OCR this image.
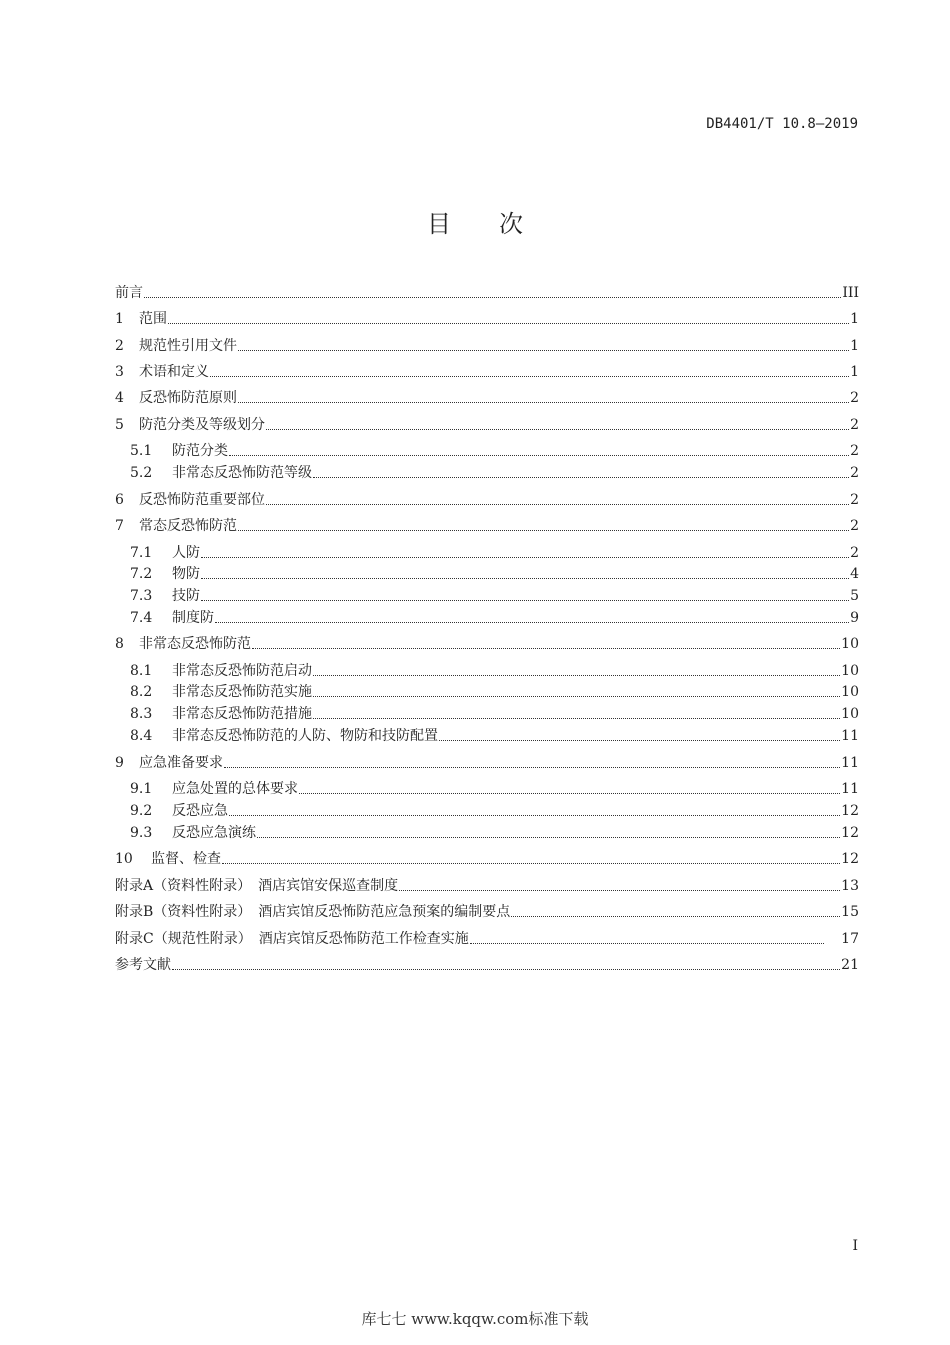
DB4401/T 10.8—2019
目次
前言	III
1	范围	1
2	规范性引用文件	1
3	术语和定义	1
4	反恐怖防范原则	2
5	防范分类及等级划分	2
5.1	防范分类	2
5.2	非常态反恐怖防范等级	2
6	反恐怖防范重要部位	2
7	常态反恐怖防范	2
7.1	人防	2
7.2	物防	4
7.3	技防	5
7.4	制度防	9
8	非常态反恐怖防范	10
8.1	非常态反恐怖防范启动	10
8.2	非常态反恐怖防范实施	10
8.3	非常态反恐怖防范措施	10
8.4	非常态反恐怖防范的人防、物防和技防配置	11
9	应急准备要求	11
9.1	应急处置的总体要求	11
9.2	反恐应急	12
9.3	反恐应急演练	12
10	监督、检查	12
附录A（资料性附录）　酒店宾馆安保巡查制度	13
附录B（资料性附录）　酒店宾馆反恐怖防范应急预案的编制要点	15
附录C（规范性附录）　酒店宾馆反恐怖防范工作检查实施	17
参考文献	21
I
库七七 www.kqqw.com标准下载
